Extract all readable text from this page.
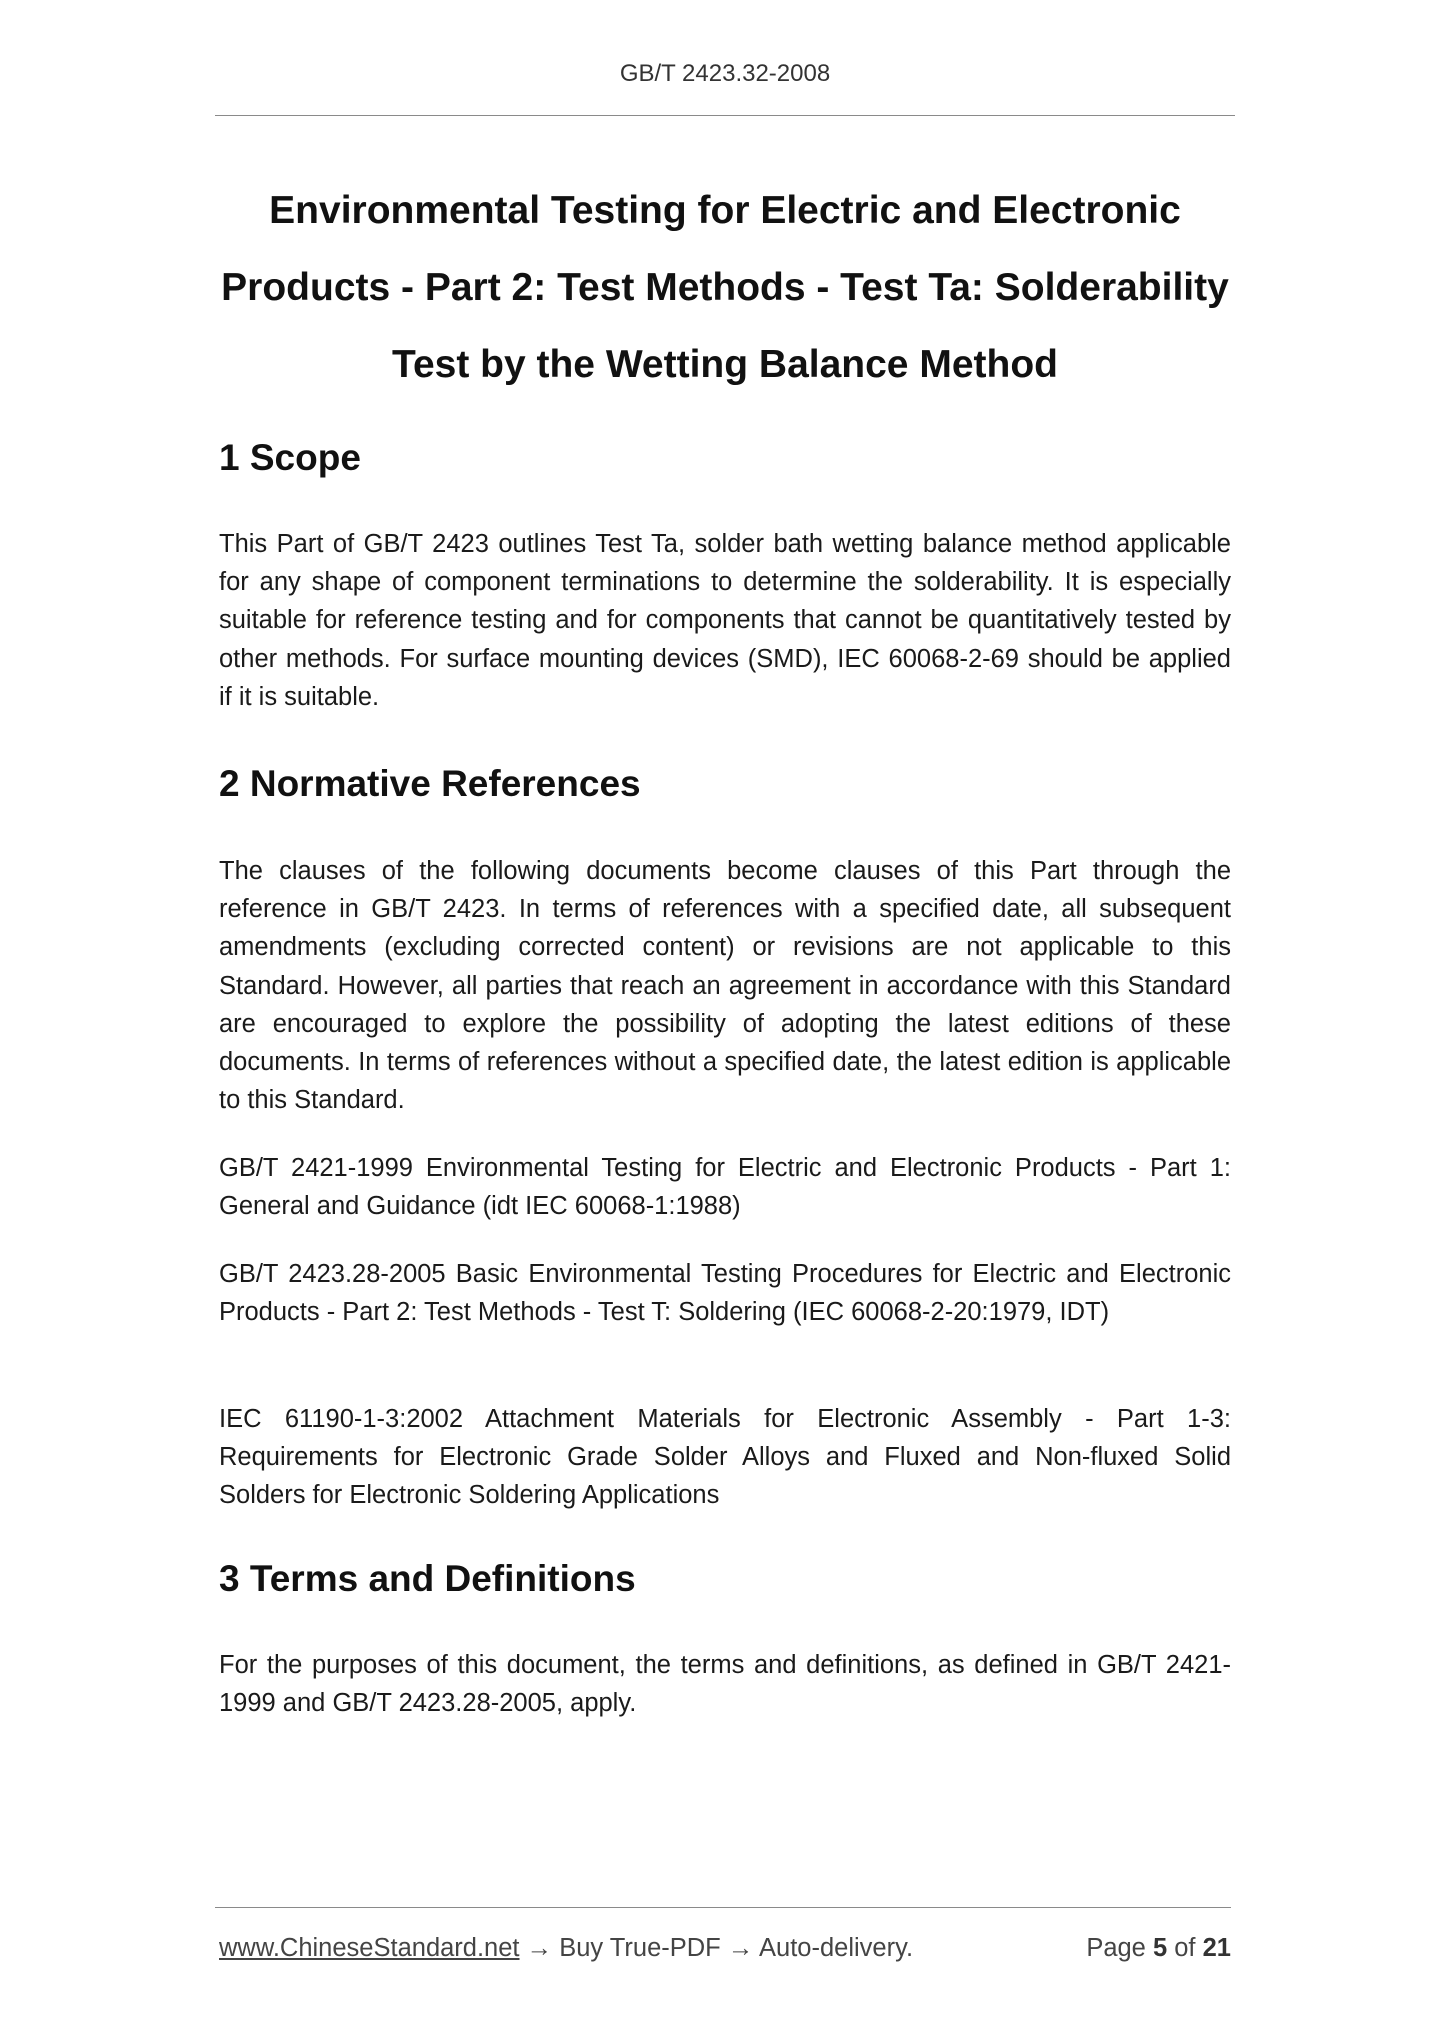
GB/T 2423.32-2008
Environmental Testing for Electric and Electronic
Products - Part 2: Test Methods - Test Ta: Solderability
Test by the Wetting Balance Method
1 Scope

This Part of GB/T 2423 outlines Test Ta, solder bath wetting balance method applicable for any shape of component terminations to determine the solderability. It is especially suitable for reference testing and for components that cannot be quantitatively tested by other methods. For surface mounting devices (SMD), IEC 60068-2-69 should be applied if it is suitable.

2 Normative References

The clauses of the following documents become clauses of this Part through the reference in GB/T 2423. In terms of references with a specified date, all subsequent amendments (excluding corrected content) or revisions are not applicable to this Standard. However, all parties that reach an agreement in accordance with this Standard are encouraged to explore the possibility of adopting the latest editions of these documents. In terms of references without a specified date, the latest edition is applicable to this Standard.

GB/T 2421-1999 Environmental Testing for Electric and Electronic Products - Part 1: General and Guidance (idt IEC 60068-1:1988)

GB/T 2423.28-2005 Basic Environmental Testing Procedures for Electric and Electronic Products - Part 2: Test Methods - Test T: Soldering (IEC 60068-2-20:1979, IDT)

IEC 61190-1-3:2002 Attachment Materials for Electronic Assembly - Part 1-3: Requirements for Electronic Grade Solder Alloys and Fluxed and Non-fluxed Solid Solders for Electronic Soldering Applications

3 Terms and Definitions

For the purposes of this document, the terms and definitions, as defined in GB/T 2421-1999 and GB/T 2423.28-2005, apply.

www.ChineseStandard.net → Buy True-PDF → Auto-delivery.	Page 5 of 21
